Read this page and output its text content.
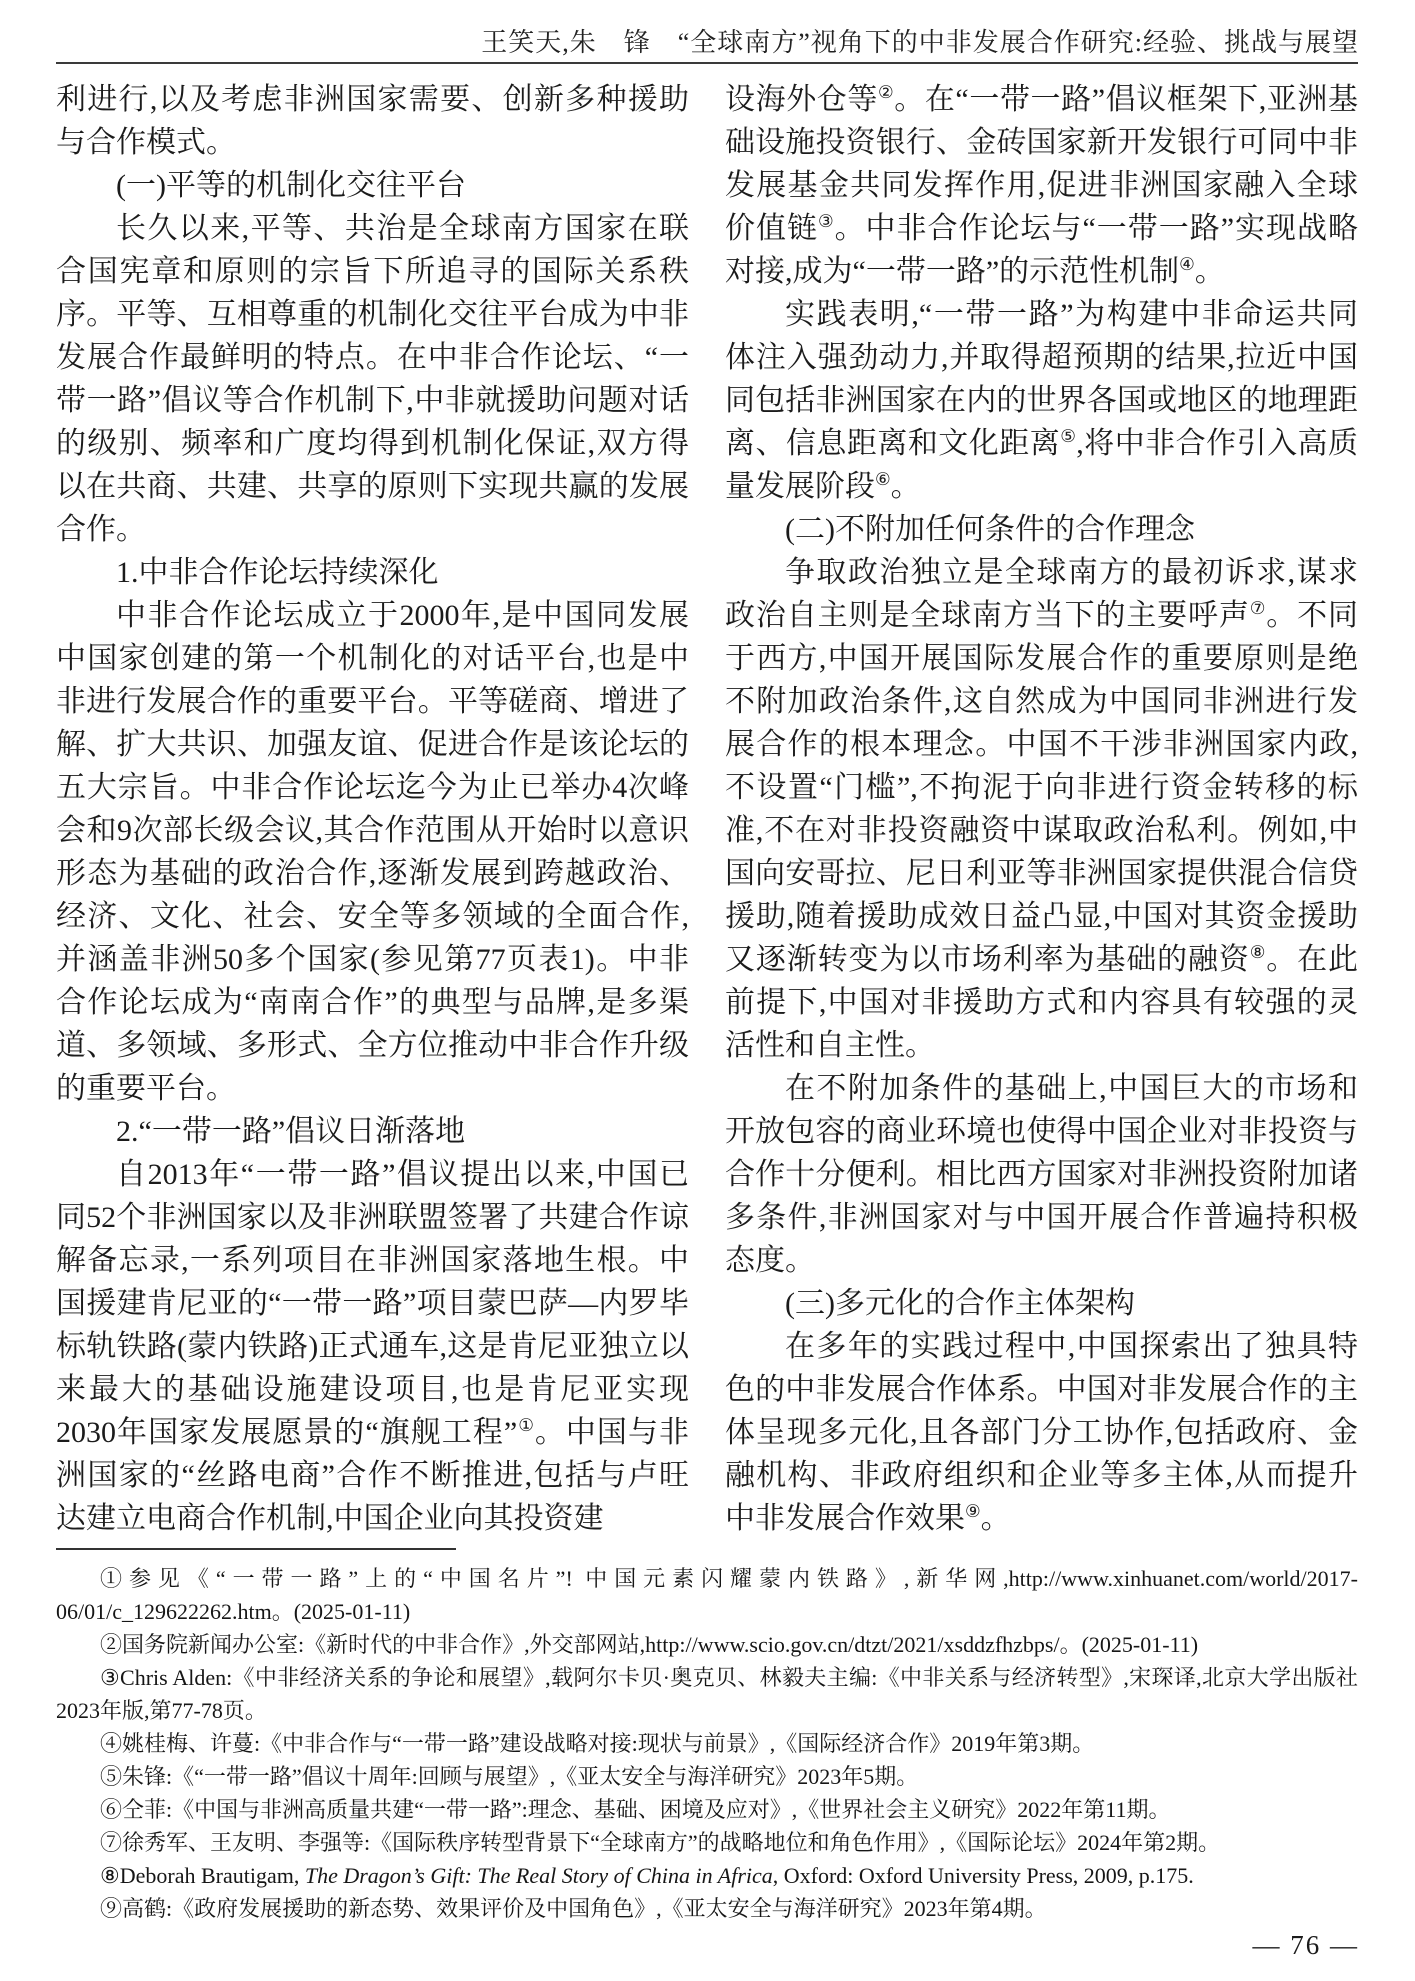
王笑天,朱　锋　“全球南方”视角下的中非发展合作研究:经验、挑战与展望

利进行,以及考虑非洲国家需要、创新多种援助与合作模式。

(一)平等的机制化交往平台

长久以来,平等、共治是全球南方国家在联合国宪章和原则的宗旨下所追寻的国际关系秩序。平等、互相尊重的机制化交往平台成为中非发展合作最鲜明的特点。在中非合作论坛、“一带一路”倡议等合作机制下,中非就援助问题对话的级别、频率和广度均得到机制化保证,双方得以在共商、共建、共享的原则下实现共赢的发展合作。

1.中非合作论坛持续深化

中非合作论坛成立于2000年,是中国同发展中国家创建的第一个机制化的对话平台,也是中非进行发展合作的重要平台。平等磋商、增进了解、扩大共识、加强友谊、促进合作是该论坛的五大宗旨。中非合作论坛迄今为止已举办4次峰会和9次部长级会议,其合作范围从开始时以意识形态为基础的政治合作,逐渐发展到跨越政治、经济、文化、社会、安全等多领域的全面合作,并涵盖非洲50多个国家(参见第77页表1)。中非合作论坛成为“南南合作”的典型与品牌,是多渠道、多领域、多形式、全方位推动中非合作升级的重要平台。

2.“一带一路”倡议日渐落地

自2013年“一带一路”倡议提出以来,中国已同52个非洲国家以及非洲联盟签署了共建合作谅解备忘录,一系列项目在非洲国家落地生根。中国援建肯尼亚的“一带一路”项目蒙巴萨—内罗毕标轨铁路(蒙内铁路)正式通车,这是肯尼亚独立以来最大的基础设施建设项目,也是肯尼亚实现2030年国家发展愿景的“旗舰工程”①。中国与非洲国家的“丝路电商”合作不断推进,包括与卢旺达建立电商合作机制,中国企业向其投资建

设海外仓等②。在“一带一路”倡议框架下,亚洲基础设施投资银行、金砖国家新开发银行可同中非发展基金共同发挥作用,促进非洲国家融入全球价值链③。中非合作论坛与“一带一路”实现战略对接,成为“一带一路”的示范性机制④。

实践表明,“一带一路”为构建中非命运共同体注入强劲动力,并取得超预期的结果,拉近中国同包括非洲国家在内的世界各国或地区的地理距离、信息距离和文化距离⑤,将中非合作引入高质量发展阶段⑥。

(二)不附加任何条件的合作理念

争取政治独立是全球南方的最初诉求,谋求政治自主则是全球南方当下的主要呼声⑦。不同于西方,中国开展国际发展合作的重要原则是绝不附加政治条件,这自然成为中国同非洲进行发展合作的根本理念。中国不干涉非洲国家内政,不设置“门槛”,不拘泥于向非进行资金转移的标准,不在对非投资融资中谋取政治私利。例如,中国向安哥拉、尼日利亚等非洲国家提供混合信贷援助,随着援助成效日益凸显,中国对其资金援助又逐渐转变为以市场利率为基础的融资⑧。在此前提下,中国对非援助方式和内容具有较强的灵活性和自主性。

在不附加条件的基础上,中国巨大的市场和开放包容的商业环境也使得中国企业对非投资与合作十分便利。相比西方国家对非洲投资附加诸多条件,非洲国家对与中国开展合作普遍持积极态度。

(三)多元化的合作主体架构

在多年的实践过程中,中国探索出了独具特色的中非发展合作体系。中国对非发展合作的主体呈现多元化,且各部门分工协作,包括政府、金融机构、非政府组织和企业等多主体,从而提升中非发展合作效果⑨。

①参见《“一带一路”上的“中国名片”! 中国元素闪耀蒙内铁路》,新华网,http://www.xinhuanet.com/world/2017-06/01/c_129622262.htm。(2025-01-11)

②国务院新闻办公室:《新时代的中非合作》,外交部网站,http://www.scio.gov.cn/dtzt/2021/xsddzfhzbps/。(2025-01-11)

③Chris Alden:《中非经济关系的争论和展望》,载阿尔卡贝·奥克贝、林毅夫主编:《中非关系与经济转型》,宋琛译,北京大学出版社2023年版,第77-78页。

④姚桂梅、许蔓:《中非合作与“一带一路”建设战略对接:现状与前景》,《国际经济合作》2019年第3期。

⑤朱锋:《“一带一路”倡议十周年:回顾与展望》,《亚太安全与海洋研究》2023年5期。

⑥仝菲:《中国与非洲高质量共建“一带一路”:理念、基础、困境及应对》,《世界社会主义研究》2022年第11期。

⑦徐秀军、王友明、李强等:《国际秩序转型背景下“全球南方”的战略地位和角色作用》,《国际论坛》2024年第2期。

⑧Deborah Brautigam, The Dragon’s Gift: The Real Story of China in Africa, Oxford: Oxford University Press, 2009, p.175.

⑨高鹤:《政府发展援助的新态势、效果评价及中国角色》,《亚太安全与海洋研究》2023年第4期。

— 76 —
